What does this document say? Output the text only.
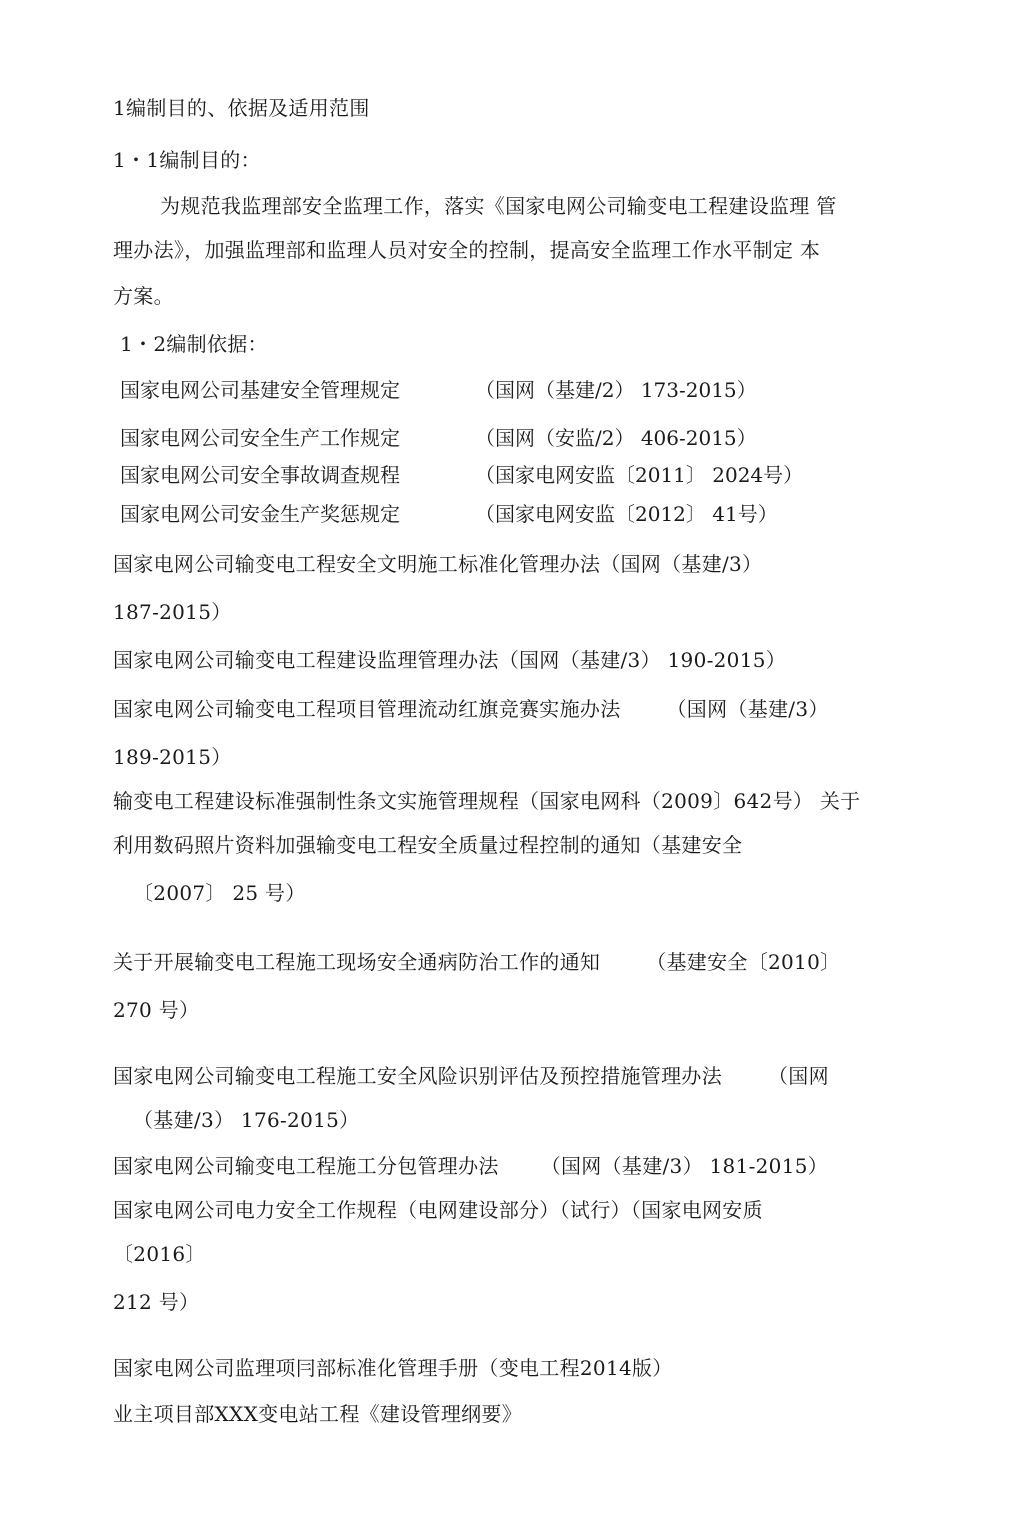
1编制目的、依据及适用范围
1・1编制目的：
为规范我监理部安全监理工作，落实《国家电网公司输变电工程建设监理 管
理办法》，加强监理部和监理人员对安全的控制，提高安全监理工作水平制定 本
方案。
1・2编制依据：
国家电网公司基建安全管理规定	（国网（基建/2） 173-2015）
国家电网公司安全生产工作规定	（国网（安监/2） 406-2015）
国家电网公司安全事故调查规程	（国家电网安监〔2011〕 2024号）
国家电网公司安金生产奖惩规定	（国家电网安监〔2012〕 41号）
国家电网公司输变电工程安全文明施工标准化管理办法（国网（基建/3）
187-2015）
国家电网公司输变电工程建设监理管理办法（国网（基建/3） 190-2015）
国家电网公司输变电工程项目管理流动红旗竞赛实施办法 （国网（基建/3）
189-2015）
输变电工程建设标准强制性条文实施管理规程（国家电网科（2009〕642号） 关于
利用数码照片资料加强输变电工程安全质量过程控制的通知（基建安全
〔2007〕 25 号）
关于开展输变电工程施工现场安全通病防治工作的通知 （基建安全〔2010〕
270 号）
国家电网公司输变电工程施工安全风险识别评估及预控措施管理办法 （国网
（基建/3） 176-2015）
国家电网公司输变电工程施工分包管理办法 （国网（基建/3） 181-2015）
国家电网公司电力安全工作规程（电网建设部分）（试行）（国家电网安质
〔2016〕
212 号）
国家电网公司监理项冃部标准化管理手册（变电工程2014版）
业主项目部XXX变电站工程《建设管理纲要》
